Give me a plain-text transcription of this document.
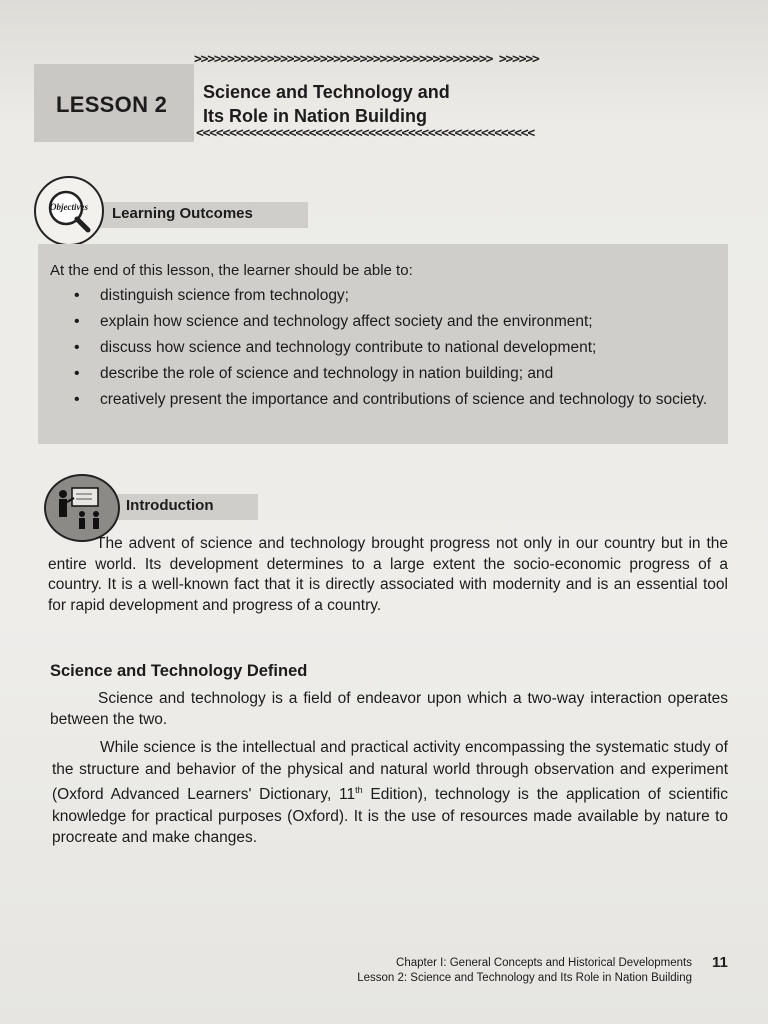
>>>>>>>>>>>>>>>>>>>>>>>>>>>>>>>>>>>>>>>>>>>>> >>>>>>
LESSON 2 Science and Technology and
Its Role in Nation Building
<<<<<<<<<<<<<<<<<<<<<<<<<<<<<<<<<<<<<<<<<<<<<<<<<<<
Learning Outcomes
Objectives
At the end of this lesson, the learner should be able to:
• distinguish science from technology;
• explain how science and technology affect society and the environment;
• discuss how science and technology contribute to national development;
• describe the role of science and technology in nation building; and
• creatively present the importance and contributions of science and technology to society.
Introduction

The advent of science and technology brought progress not only in our country but in the entire world. Its development determines to a large extent the socio-economic progress of a country. It is a well-known fact that it is directly associated with modernity and is an essential tool for rapid development and progress of a country.

Science and Technology Defined

Science and technology is a field of endeavor upon which a two-way interaction operates between the two.

While science is the intellectual and practical activity encompassing the systematic study of the structure and behavior of the physical and natural world through observation and experiment (Oxford Advanced Learners' Dictionary, 11th Edition), technology is the application of scientific knowledge for practical purposes (Oxford). It is the use of resources made available by nature to procreate and make changes.

Chapter I: General Concepts and Historical Developments
Lesson 2: Science and Technology and Its Role in Nation Building
11
